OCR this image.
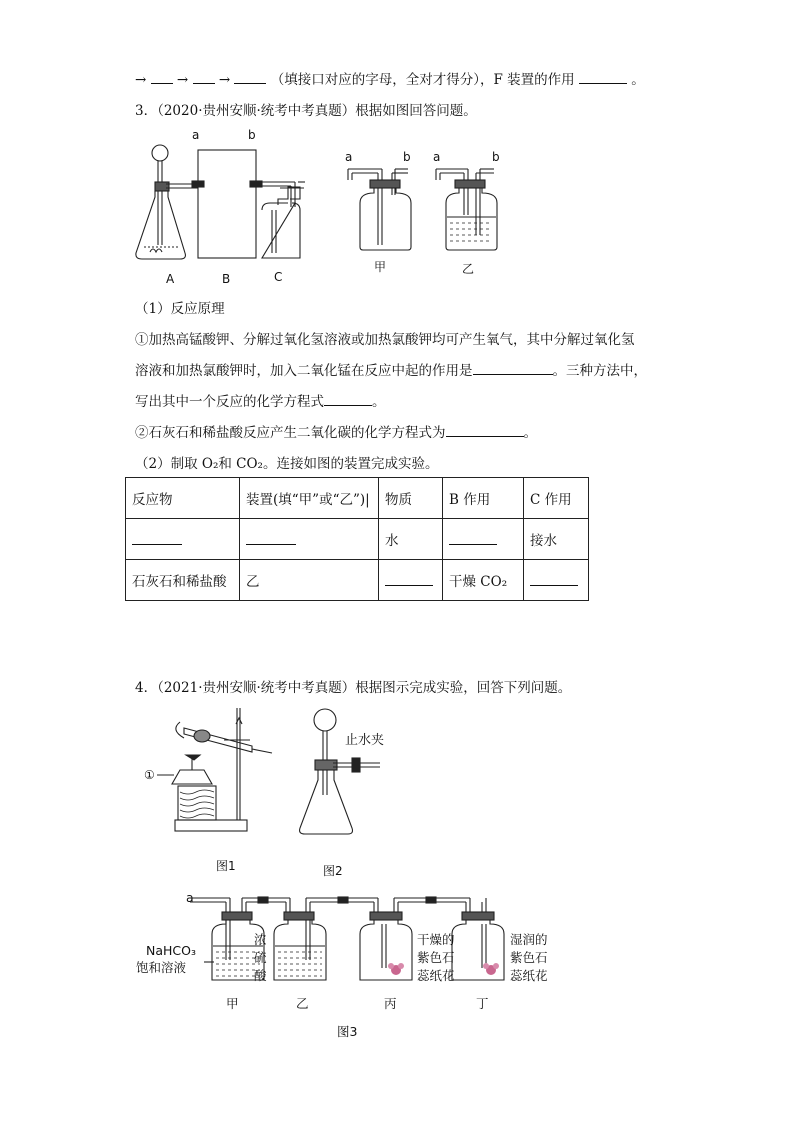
→ → →	（填接口对应的字母，全对才得分），F 装置的作用	。
3．（2020·贵州安顺·统考中考真题）根据如图回答问题。
a	b
A	B	C
a	b a	b
甲	乙
（1）反应原理
①加热高锰酸钾、分解过氧化氢溶液或加热氯酸钾均可产生氧气，其中分解过氧化氢
溶液和加热氯酸钾时，加入二氧化锰在反应中起的作用是	。三种方法中，
写出其中一个反应的化学方程式	。
②石灰石和稀盐酸反应产生二氧化碳的化学方程式为	。
（2）制取 O₂和 CO₂。连接如图的装置完成实验。
反应物	装置(填“甲”或“乙”)|	物质	B 作用	C 作用
		水		接水
石灰石和稀盐酸	乙		干燥 CO₂	
4．（2021·贵州安顺·统考中考真题）根据图示完成实验，回答下列问题。
①
止水夹
图1	图2
a
NaHCO₃
饱和溶液
浓
硫
酸
干燥的
紫色石
蕊纸花
湿润的
紫色石
蕊纸花
甲	乙	丙	丁
图3
